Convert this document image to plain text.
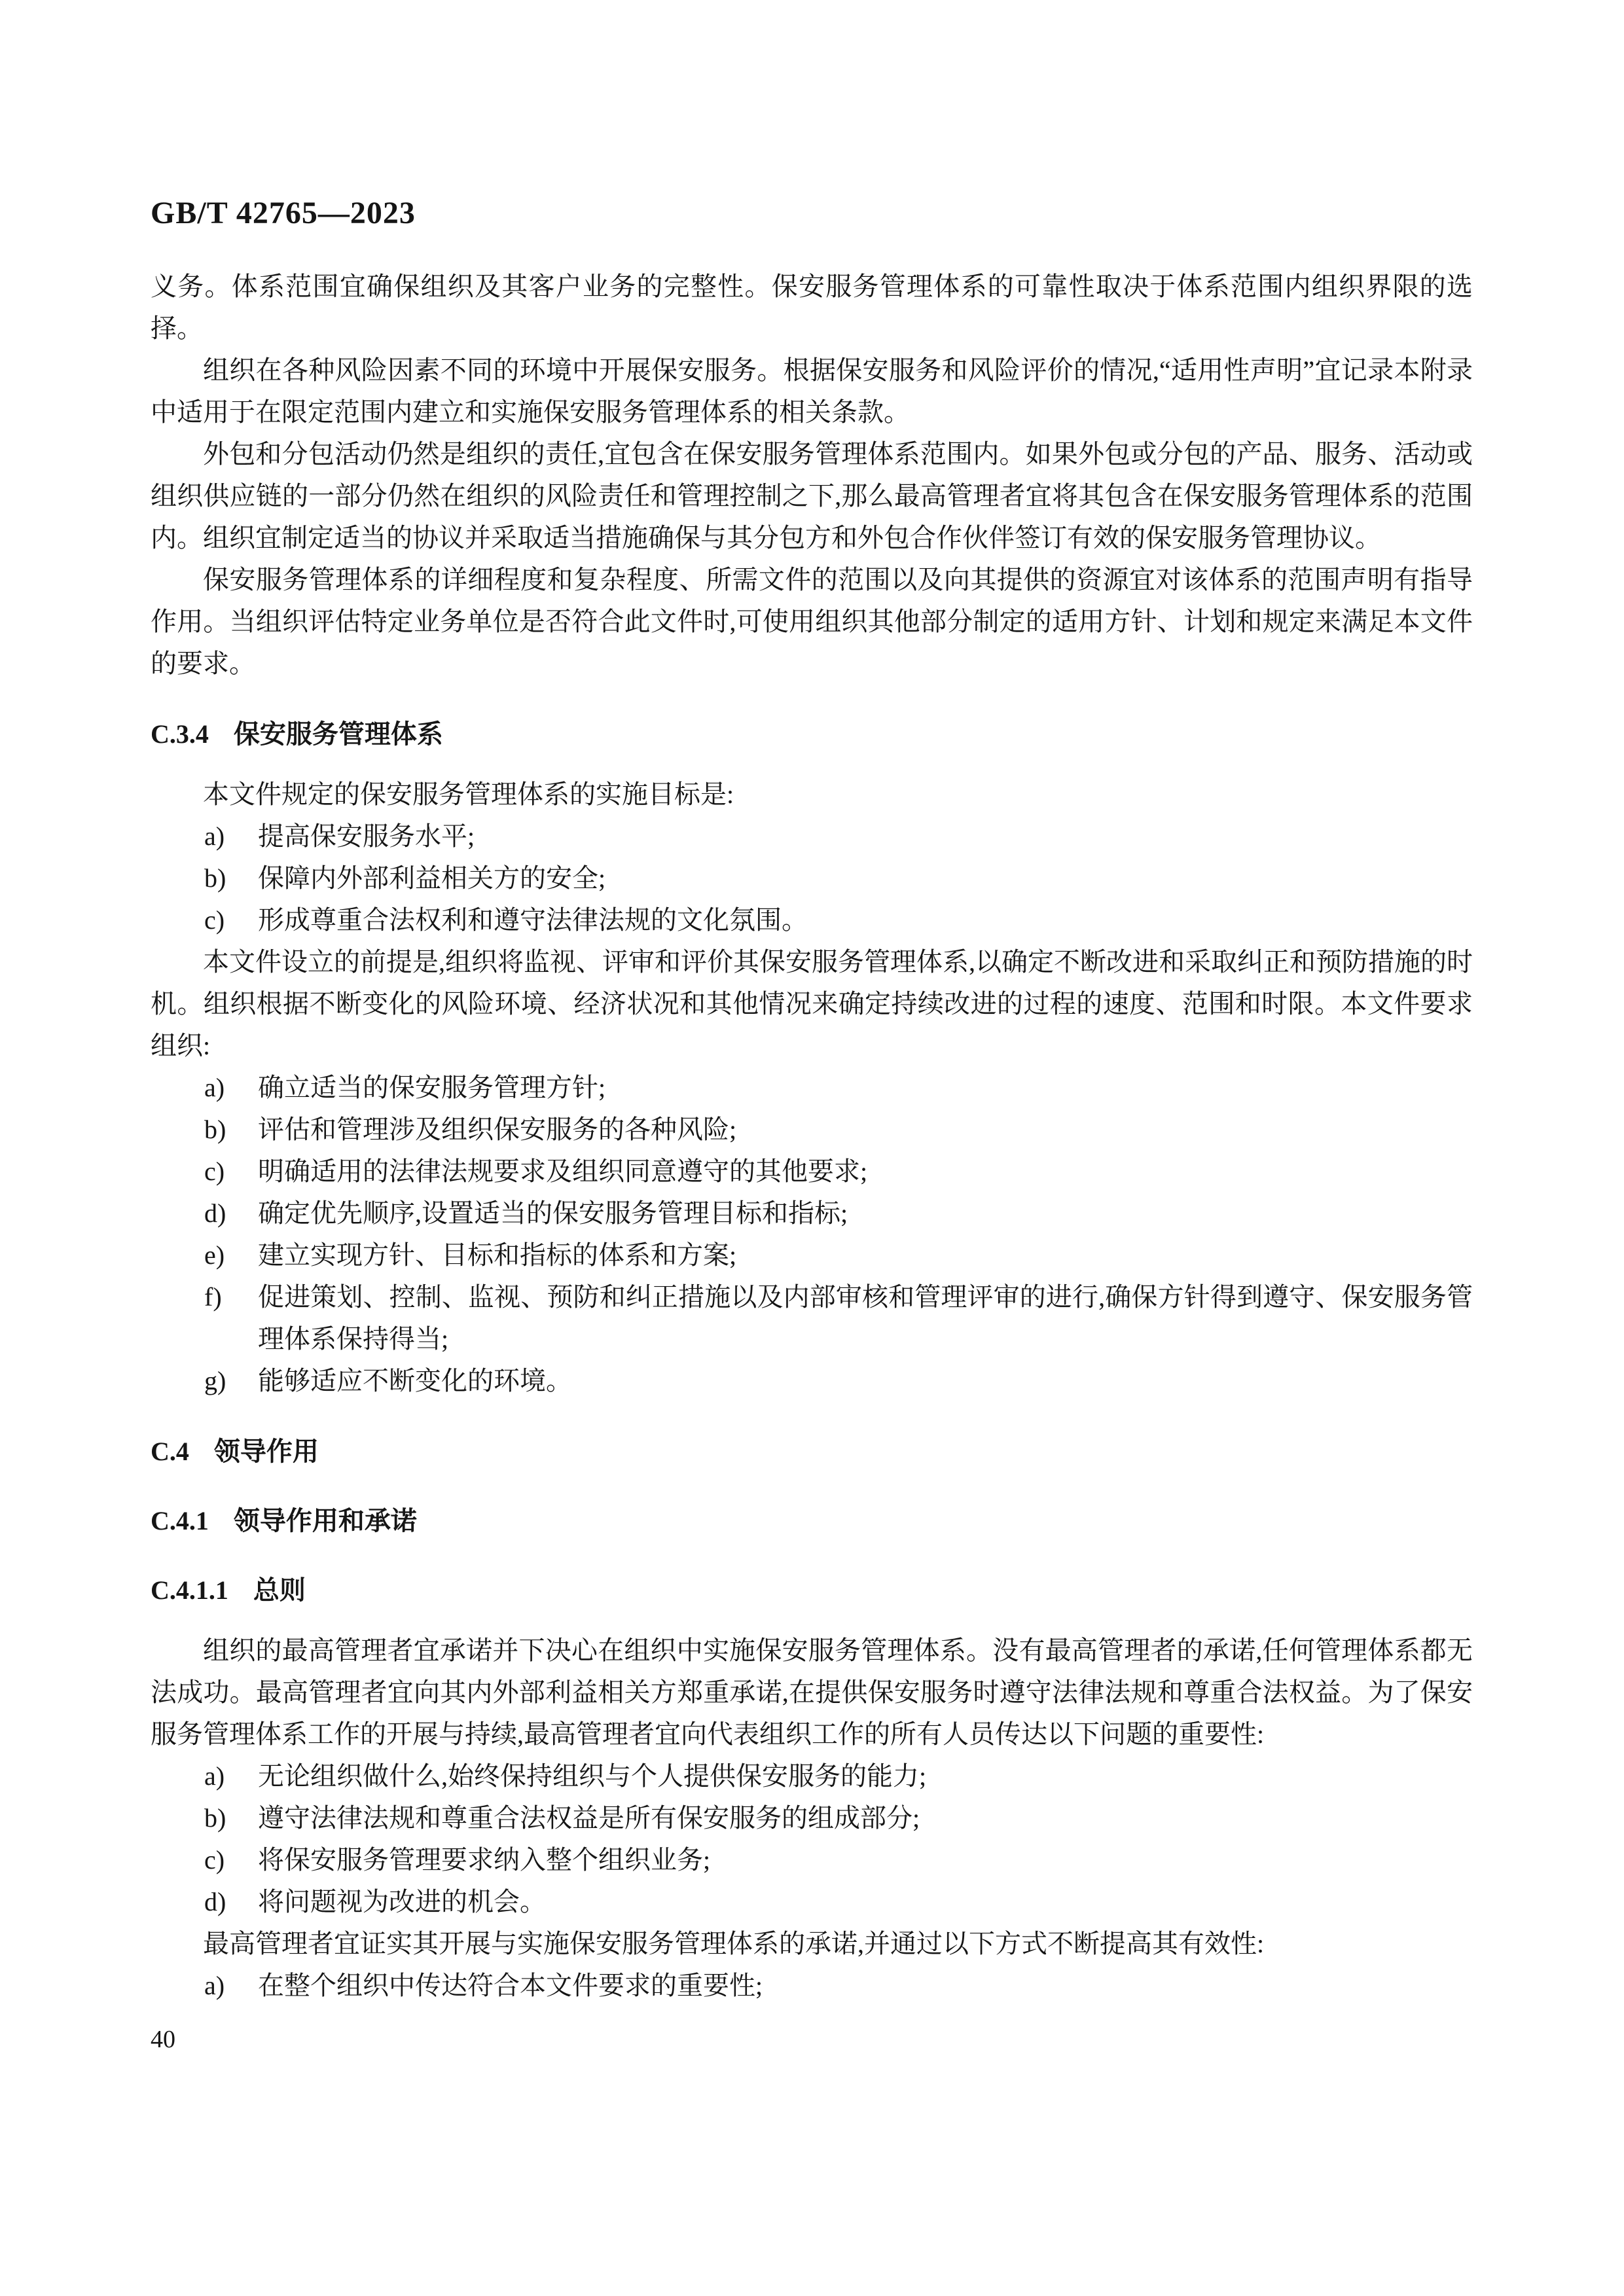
GB/T 42765—2023

义务。体系范围宜确保组织及其客户业务的完整性。保安服务管理体系的可靠性取决于体系范围内组织界限的选择。

组织在各种风险因素不同的环境中开展保安服务。根据保安服务和风险评价的情况,“适用性声明”宜记录本附录中适用于在限定范围内建立和实施保安服务管理体系的相关条款。

外包和分包活动仍然是组织的责任,宜包含在保安服务管理体系范围内。如果外包或分包的产品、服务、活动或组织供应链的一部分仍然在组织的风险责任和管理控制之下,那么最高管理者宜将其包含在保安服务管理体系的范围内。组织宜制定适当的协议并采取适当措施确保与其分包方和外包合作伙伴签订有效的保安服务管理协议。

保安服务管理体系的详细程度和复杂程度、所需文件的范围以及向其提供的资源宜对该体系的范围声明有指导作用。当组织评估特定业务单位是否符合此文件时,可使用组织其他部分制定的适用方针、计划和规定来满足本文件的要求。

C.3.4 保安服务管理体系

本文件规定的保安服务管理体系的实施目标是:

a) 提高保安服务水平;
b) 保障内外部利益相关方的安全;
c) 形成尊重合法权利和遵守法律法规的文化氛围。

本文件设立的前提是,组织将监视、评审和评价其保安服务管理体系,以确定不断改进和采取纠正和预防措施的时机。组织根据不断变化的风险环境、经济状况和其他情况来确定持续改进的过程的速度、范围和时限。本文件要求组织:

a) 确立适当的保安服务管理方针;
b) 评估和管理涉及组织保安服务的各种风险;
c) 明确适用的法律法规要求及组织同意遵守的其他要求;
d) 确定优先顺序,设置适当的保安服务管理目标和指标;
e) 建立实现方针、目标和指标的体系和方案;
f) 促进策划、控制、监视、预防和纠正措施以及内部审核和管理评审的进行,确保方针得到遵守、保安服务管理体系保持得当;
g) 能够适应不断变化的环境。
C.4 领导作用
C.4.1 领导作用和承诺
C.4.1.1 总则

组织的最高管理者宜承诺并下决心在组织中实施保安服务管理体系。没有最高管理者的承诺,任何管理体系都无法成功。最高管理者宜向其内外部利益相关方郑重承诺,在提供保安服务时遵守法律法规和尊重合法权益。为了保安服务管理体系工作的开展与持续,最高管理者宜向代表组织工作的所有人员传达以下问题的重要性:

a) 无论组织做什么,始终保持组织与个人提供保安服务的能力;
b) 遵守法律法规和尊重合法权益是所有保安服务的组成部分;
c) 将保安服务管理要求纳入整个组织业务;
d) 将问题视为改进的机会。

最高管理者宜证实其开展与实施保安服务管理体系的承诺,并通过以下方式不断提高其有效性:

a) 在整个组织中传达符合本文件要求的重要性;
40
